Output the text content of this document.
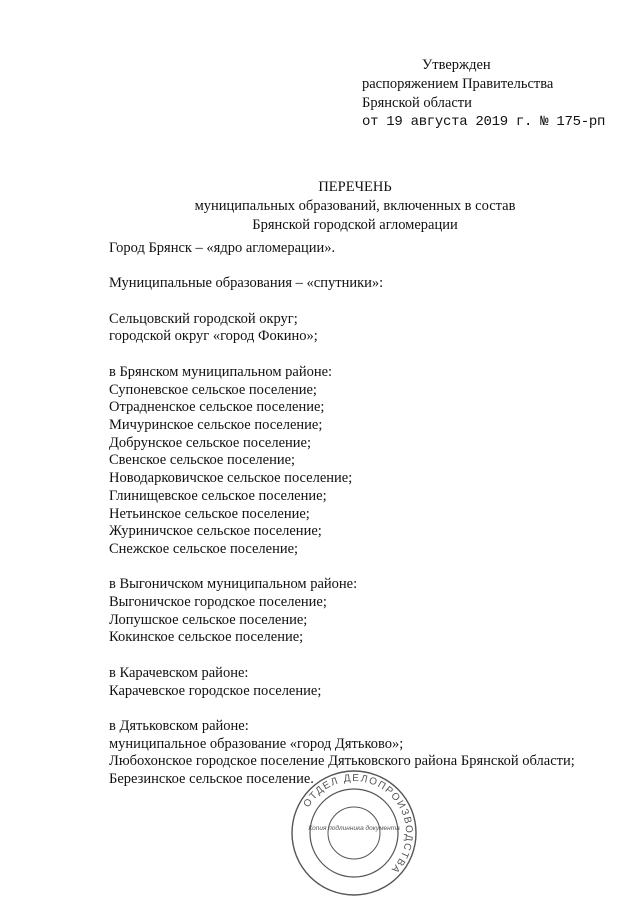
Утвержден
распоряжением Правительства
Брянской области
от 19 августа 2019 г. № 175-рп
ПЕРЕЧЕНЬ
муниципальных образований, включенных в состав
Брянской городской агломерации
Город Брянск – «ядро агломерации».
Муниципальные образования – «спутники»:
Сельцовский городской округ;
городской округ «город Фокино»;
в Брянском муниципальном районе:
Супоневское сельское поселение;
Отрадненское сельское поселение;
Мичуринское сельское поселение;
Добрунское сельское поселение;
Свенское сельское поселение;
Новодарковичское сельское поселение;
Глинищевское сельское поселение;
Нетьинское сельское поселение;
Журиничское сельское поселение;
Снежское сельское поселение;
в Выгоничском муниципальном районе:
Выгоничское городское поселение;
Лопушское сельское поселение;
Кокинское сельское поселение;
в Карачевском районе:
Карачевское городское поселение;
в Дятьковском районе:
муниципальное образование «город Дятьково»;
Любохонское городское поселение Дятьковского района Брянской области;
Березинское сельское поселение.
ОТДЕЛ ДЕЛОПРОИЗВОДСТВА
Копия подлинника документа
